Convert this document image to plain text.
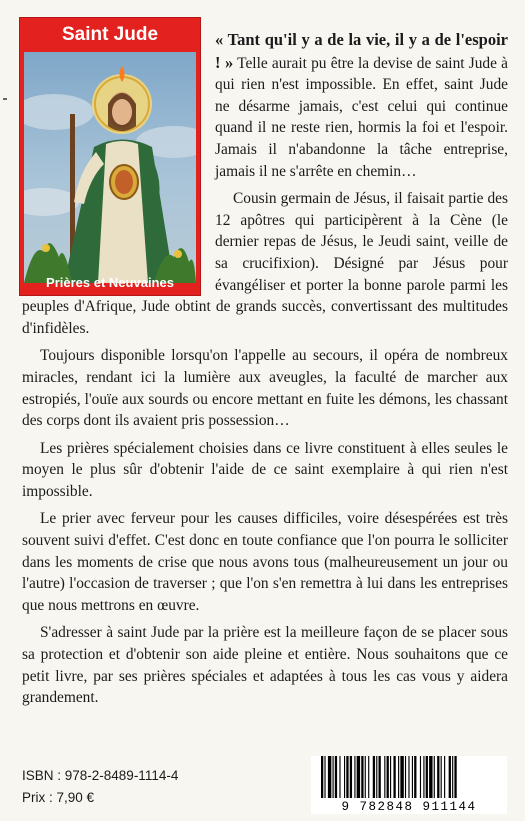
Saint Jude
Prières et Neuvaines

« Tant qu'il y a de la vie, il y a de l'espoir ! » Telle aurait pu être la devise de saint Jude à qui rien n'est impossible. En effet, saint Jude ne désarme jamais, c'est celui qui continue quand il ne reste rien, hormis la foi et l'espoir. Jamais il n'abandonne la tâche entreprise, jamais il ne s'arrête en chemin…

Cousin germain de Jésus, il faisait partie des 12 apôtres qui participèrent à la Cène (le dernier repas de Jésus, le Jeudi saint, veille de sa crucifixion). Désigné par Jésus pour évangéliser et porter la bonne parole parmi les peuples d'Afrique, Jude obtint de grands succès, convertissant des multitudes d'infidèles.

Toujours disponible lorsqu'on l'appelle au secours, il opéra de nombreux miracles, rendant ici la lumière aux aveugles, la faculté de marcher aux estropiés, l'ouïe aux sourds ou encore mettant en fuite les démons, les chassant des corps dont ils avaient pris possession…

Les prières spécialement choisies dans ce livre constituent à elles seules le moyen le plus sûr d'obtenir l'aide de ce saint exemplaire à qui rien n'est impossible.

Le prier avec ferveur pour les causes difficiles, voire désespérées est très souvent suivi d'effet. C'est donc en toute confiance que l'on pourra le solliciter dans les moments de crise que nous avons tous (malheureusement un jour ou l'autre) l'occasion de traverser ; que l'on s'en remettra à lui dans les entreprises que nous mettrons en œuvre.

S'adresser à saint Jude par la prière est la meilleure façon de se placer sous sa protection et d'obtenir son aide pleine et entière. Nous souhaitons que ce petit livre, par ses prières spéciales et adaptées à tous les cas vous y aidera grandement.

ISBN : 978-2-8489-1114-4
Prix : 7,90 €
9 782848 911144
